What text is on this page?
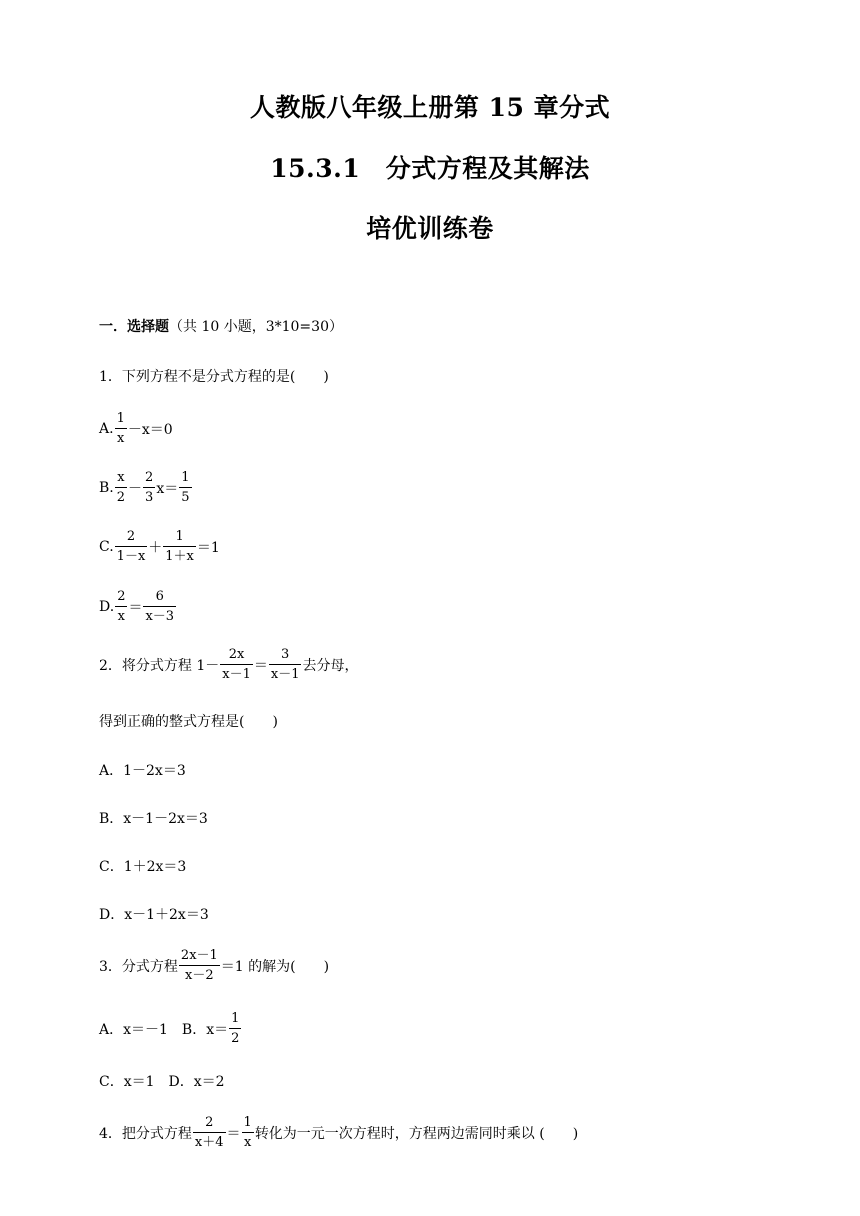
人教版八年级上册第 15 章分式
15.3.1　分式方程及其解法
培优训练卷
一．选择题 （共 10 小题，3*10=30）
1．下列方程不是分式方程的是(　　)
A. $\frac{1}{x} -x=0$
B. $\frac{x}{2} - \frac{2}{3} x= \frac{1}{5}$
C. $\frac{2}{1-x} + \frac{1}{1+x} =1$
D. $\frac{2}{x} = \frac{6}{x-3}$
2．将分式方程 $1- \frac{2x}{x-1} = \frac{3}{x-1}$ 去分母，
得到正确的整式方程是(　　)
A．1－2x＝3
B．x－1－2x＝3
C．1＋2x＝3
D．x－1＋2x＝3
3．分式方程 $\frac{2x-1}{x-2} =1$ 的解为(　　)
A．x＝－1 B．$x= \frac{1}{2}$
C．x＝1　D．x＝2
4．把分式方程 $\frac{2}{x+4} = \frac{1}{x}$ 转化为一元一次方程时，方程两边需同时乘以 (　　)
